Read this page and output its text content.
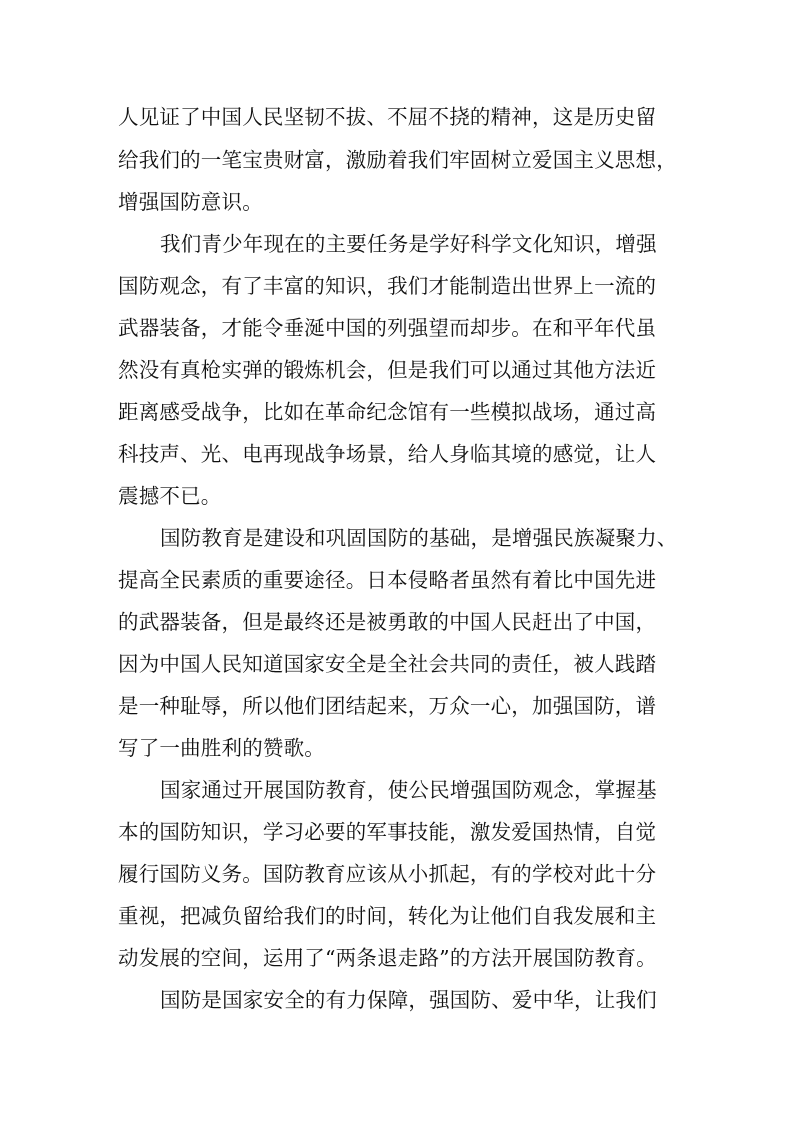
人见证了中国人民坚韧不拔、不屈不挠的精神，这是历史留
给我们的一笔宝贵财富，激励着我们牢固树立爱国主义思想，
增强国防意识。
我们青少年现在的主要任务是学好科学文化知识，增强
国防观念，有了丰富的知识，我们才能制造出世界上一流的
武器装备，才能令垂涎中国的列强望而却步。在和平年代虽
然没有真枪实弹的锻炼机会，但是我们可以通过其他方法近
距离感受战争，比如在革命纪念馆有一些模拟战场，通过高
科技声、光、电再现战争场景，给人身临其境的感觉，让人
震撼不已。
国防教育是建设和巩固国防的基础，是增强民族凝聚力、
提高全民素质的重要途径。日本侵略者虽然有着比中国先进
的武器装备，但是最终还是被勇敢的中国人民赶出了中国，
因为中国人民知道国家安全是全社会共同的责任，被人践踏
是一种耻辱，所以他们团结起来，万众一心，加强国防，谱
写了一曲胜利的赞歌。
国家通过开展国防教育，使公民增强国防观念，掌握基
本的国防知识，学习必要的军事技能，激发爱国热情，自觉
履行国防义务。国防教育应该从小抓起，有的学校对此十分
重视，把减负留给我们的时间，转化为让他们自我发展和主
动发展的空间，运用了“两条退走路”的方法开展国防教育。
国防是国家安全的有力保障，强国防、爱中华，让我们
